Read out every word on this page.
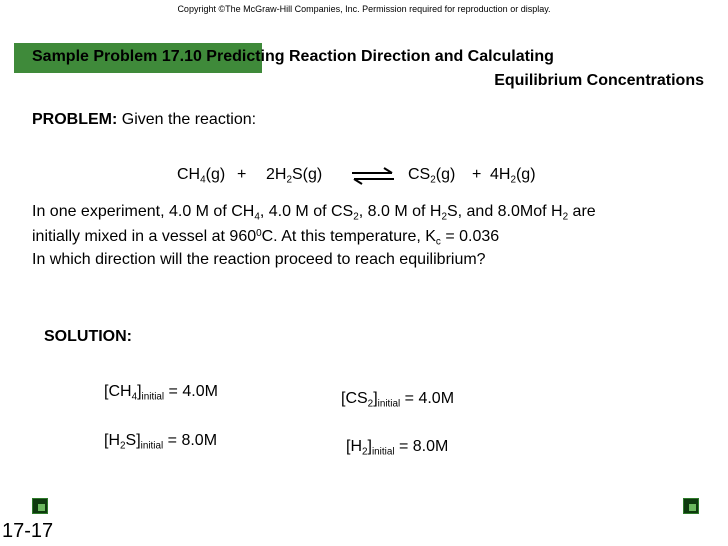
Copyright ©The McGraw-Hill Companies, Inc. Permission required for reproduction or display.
Sample Problem 17.10 Predicting Reaction Direction and Calculating
Equilibrium Concentrations
PROBLEM: Given the reaction:
$CH_4(g) + 2H_2S(g)$ ⇌ $CS_2(g) + 4H_2(g)$
In one experiment, 4.0 M of $CH_4$, 4.0 M of $CS_2$, 8.0 M of $H_2S$, and 8.0Mof $H_2$ are
initially mixed in a vessel at $960^0C$. At this temperature, $K_c = 0.036$
In which direction will the reaction proceed to reach equilibrium?
SOLUTION:
$[CH_4]_{initial} = 4.0M$
$[H_2S]_{initial} = 8.0M$
$[CS_2]_{initial} = 4.0M$
$[H_2]_{initial} = 8.0M$
17-17
